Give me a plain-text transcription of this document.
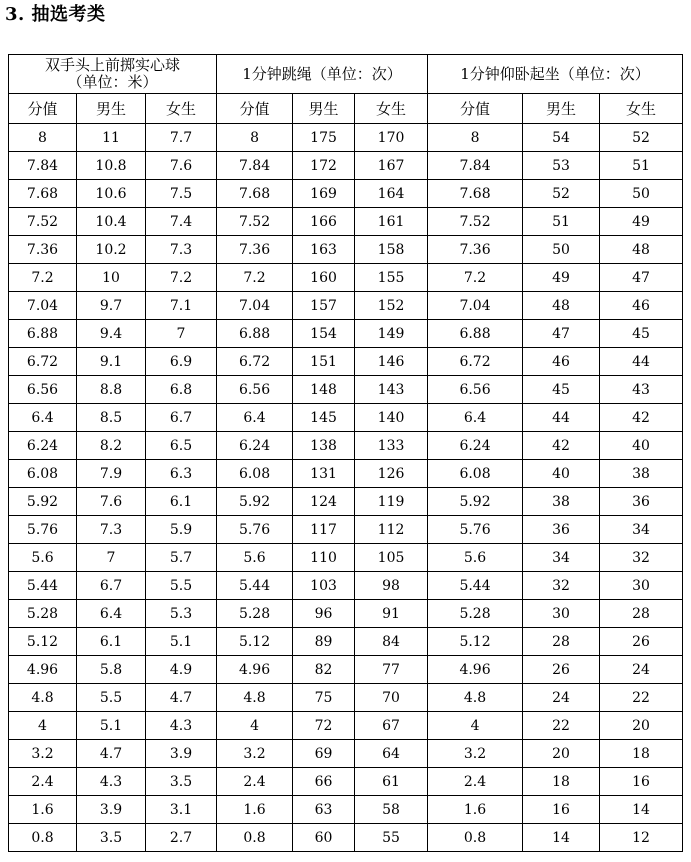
3. 抽选考类
双手头上前掷实心球
（单位：米）			1分钟跳绳（单位：次）			1分钟仰卧起坐（单位：次）		

分值	男生	女生	分值	男生	女生	分值	男生	女生
8	11	7.7	8	175	170	8	54	52
7.84	10.8	7.6	7.84	172	167	7.84	53	51
7.68	10.6	7.5	7.68	169	164	7.68	52	50
7.52	10.4	7.4	7.52	166	161	7.52	51	49
7.36	10.2	7.3	7.36	163	158	7.36	50	48
7.2	10	7.2	7.2	160	155	7.2	49	47
7.04	9.7	7.1	7.04	157	152	7.04	48	46
6.88	9.4	7	6.88	154	149	6.88	47	45
6.72	9.1	6.9	6.72	151	146	6.72	46	44
6.56	8.8	6.8	6.56	148	143	6.56	45	43
6.4	8.5	6.7	6.4	145	140	6.4	44	42
6.24	8.2	6.5	6.24	138	133	6.24	42	40
6.08	7.9	6.3	6.08	131	126	6.08	40	38
5.92	7.6	6.1	5.92	124	119	5.92	38	36
5.76	7.3	5.9	5.76	117	112	5.76	36	34
5.6	7	5.7	5.6	110	105	5.6	34	32
5.44	6.7	5.5	5.44	103	98	5.44	32	30
5.28	6.4	5.3	5.28	96	91	5.28	30	28
5.12	6.1	5.1	5.12	89	84	5.12	28	26
4.96	5.8	4.9	4.96	82	77	4.96	26	24
4.8	5.5	4.7	4.8	75	70	4.8	24	22
4	5.1	4.3	4	72	67	4	22	20
3.2	4.7	3.9	3.2	69	64	3.2	20	18
2.4	4.3	3.5	2.4	66	61	2.4	18	16
1.6	3.9	3.1	1.6	63	58	1.6	16	14
0.8	3.5	2.7	0.8	60	55	0.8	14	12
